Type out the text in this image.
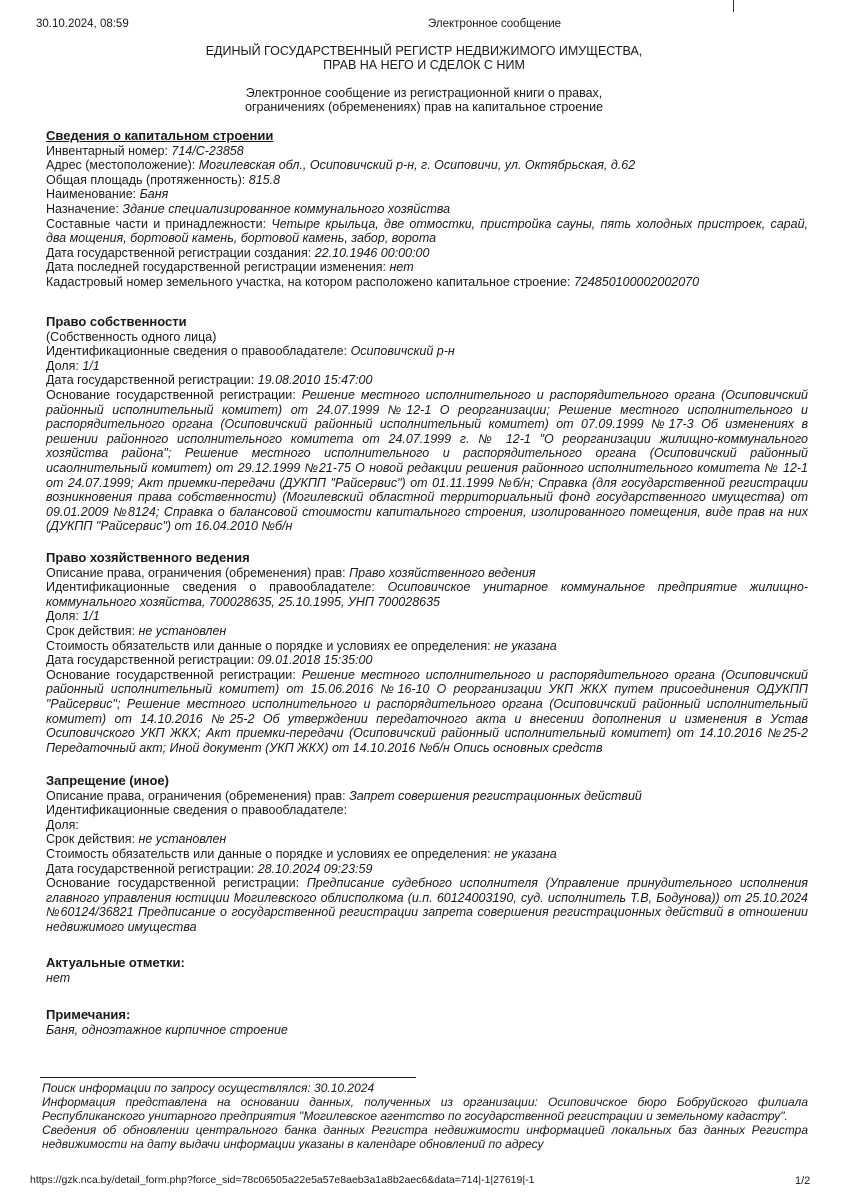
30.10.2024, 08:59	Электронное сообщение
ЕДИНЫЙ ГОСУДАРСТВЕННЫЙ РЕГИСТР НЕДВИЖИМОГО ИМУЩЕСТВА,
ПРАВ НА НЕГО И СДЕЛОК С НИМ
Электронное сообщение из регистрационной книги о правах,
ограничениях (обременениях) прав на капитальное строение
Сведения о капитальном строении
Инвентарный номер: 714/C-23858
Адрес (местоположение): Могилевская обл., Осиповичский р-н, г. Осиповичи, ул. Октябрьская, д.62
Общая площадь (протяженность): 815.8
Наименование: Баня
Назначение: Здание специализированное коммунального хозяйства
Составные части и принадлежности: Четыре крыльца, две отмостки, пристройка сауны, пять холодных пристроек, сарай, два мощения, бортовой камень, бортовой камень, забор, ворота
Дата государственной регистрации создания: 22.10.1946 00:00:00
Дата последней государственной регистрации изменения: нет
Кадастровый номер земельного участка, на котором расположено капитальное строение: 724850100002002070
Право собственности
(Собственность одного лица)
Идентификационные сведения о правообладателе: Осиповичский р-н
Доля: 1/1
Дата государственной регистрации: 19.08.2010 15:47:00
Основание государственной регистрации: Решение местного исполнительного и распорядительного органа (Осиповичский районный исполнительный комитет) от 24.07.1999 №12-1 О реорганизации; Решение местного исполнительного и распорядительного органа (Осиповичский районный исполнительный комитет) от 07.09.1999 №17-3 Об изменениях в решении районного исполнительного комитета от 24.07.1999 г. № 12-1 "О реорганизации жилищно-коммунального хозяйства района"; Решение местного исполнительного и распорядительного органа (Осиповичский районный исаолнительный комитет) от 29.12.1999 №21-75 О новой редакции решения районного исполнительного комитета № 12-1 от 24.07.1999; Акт приемки-передачи (ДУКПП "Райсервис") от 01.11.1999 №б/н; Справка (для государственной регистрации возникновения права собственности) (Могилевский областной территориальный фонд государственного имущества) от 09.01.2009 №8124; Справка о балансовой стоимости капитального строения, изолированного помещения, виде прав на них (ДУКПП "Райсервис") от 16.04.2010 №б/н
Право хозяйственного ведения
Описание права, ограничения (обременения) прав: Право хозяйственного ведения
Идентификационные сведения о правообладателе: Осиповичское унитарное коммунальное предприятие жилищно-коммунального хозяйства, 700028635, 25.10.1995, УНП 700028635
Доля: 1/1
Срок действия: не установлен
Стоимость обязательств или данные о порядке и условиях ее определения: не указана
Дата государственной регистрации: 09.01.2018 15:35:00
Основание государственной регистрации: Решение местного исполнительного и распорядительного органа (Осиповичский районный исполнительный комитет) от 15.06.2016 №16-10 О реорганизации УКП ЖКХ путем присоединения ОДУКПП "Райсервис"; Решение местного исполнительного и распорядительного органа (Осиповичский районный исполнительный комитет) от 14.10.2016 №25-2 Об утверждении передаточного акта и внесении дополнения и изменения в Устав Осиповичского УКП ЖКХ; Акт приемки-передачи (Осиповичский районный исполнительный комитет) от 14.10.2016 №25-2 Передаточный акт; Иной документ (УКП ЖКХ) от 14.10.2016 №б/н Опись основных средств
Запрещение (иное)
Описание права, ограничения (обременения) прав: Запрет совершения регистрационных действий
Идентификационные сведения о правообладателе:
Доля:
Срок действия: не установлен
Стоимость обязательств или данные о порядке и условиях ее определения: не указана
Дата государственной регистрации: 28.10.2024 09:23:59
Основание государственной регистрации: Предписание судебного исполнителя (Управление принудительного исполнения главного управления юстиции Могилевского облисполкома (и.п. 60124003190, суд. исполнитель Т.В, Бодунова)) от 25.10.2024 №60124/36821 Предписание о государственной регистрации запрета совершения регистрационных действий в отношении недвижимого имущества
Актуальные отметки:
нет
Примечания:
Баня, одноэтажное кирпичное строение

Поиск информации по запросу осуществлялся: 30.10.2024

Информация представлена на основании данных, полученных из организации: Осиповичское бюро Бобруйского филиала Республиканского унитарного предприятия "Могилевское агентство по государственной регистрации и земельному кадастру".

Сведения об обновлении центрального банка данных Регистра недвижимости информацией локальных баз данных Регистра недвижимости на дату выдачи информации указаны в календаре обновлений по адресу

https://gzk.nca.by/detail_form.php?force_sid=78c06505a22e5a57e8aeb3a1a8b2aec6&data=714|-1|27619|-1	1/2
